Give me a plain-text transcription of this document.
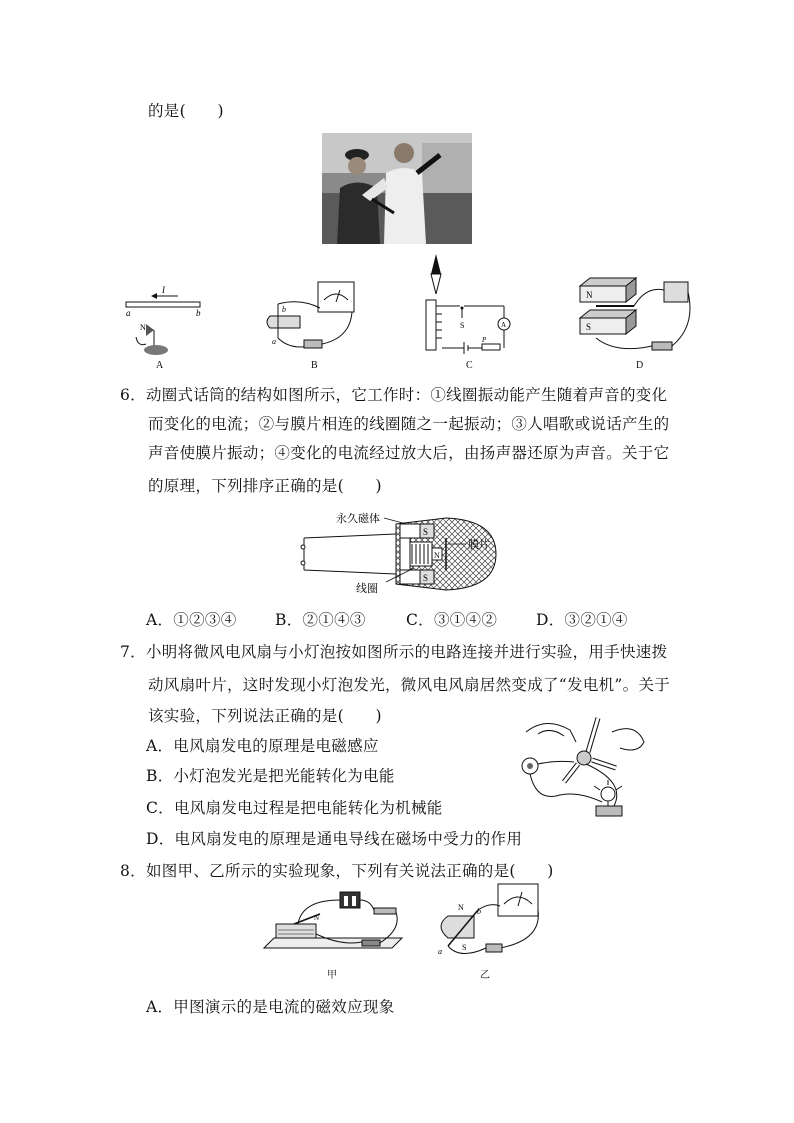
的是(　　)
I
a	b
N
A
b
a
B
S	A
P
C
N
S
D
6．动圈式话筒的结构如图所示，它工作时：①线圈振动能产生随着声音的变化
而变化的电流；②与膜片相连的线圈随之一起振动；③人唱歌或说话产生的
声音使膜片振动；④变化的电流经过放大后，由扬声器还原为声音。关于它
的原理，下列排序正确的是(　　)
永久磁体
S
S
N
膜片
线圈
A．①②③④ B．②①④③	C．③①④②	D．③②①④
7．小明将微风电风扇与小灯泡按如图所示的电路连接并进行实验，用手快速拨
动风扇叶片，这时发现小灯泡发光，微风电风扇居然变成了“发电机”。关于
该实验，下列说法正确的是(　　)
A．电风扇发电的原理是电磁感应
B．小灯泡发光是把光能转化为电能
C．电风扇发电过程是把电能转化为机械能
D．电风扇发电的原理是通电导线在磁场中受力的作用
8．如图甲、乙所示的实验现象，下列有关说法正确的是(　　)
N
甲
N
S
b
a
乙
A．甲图演示的是电流的磁效应现象
